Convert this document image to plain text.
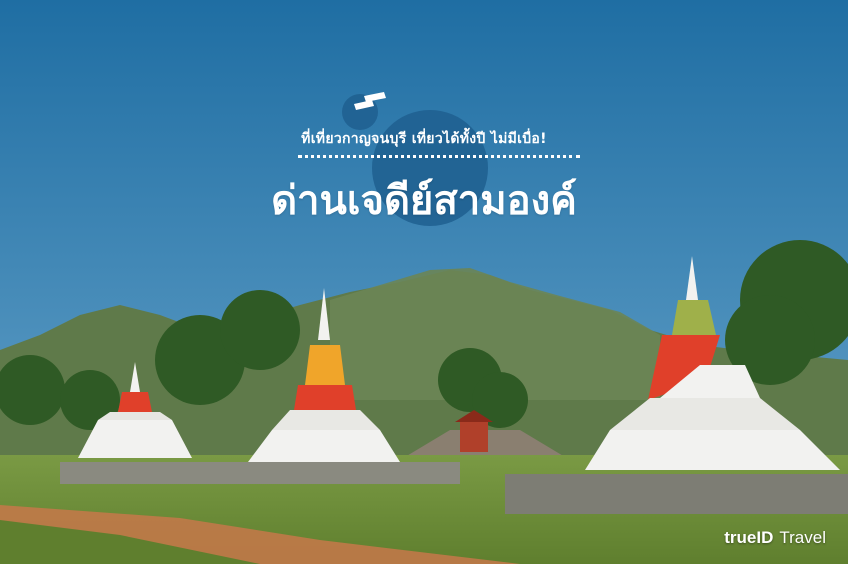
ที่เที่ยวกาญจนบุรี เที่ยวได้ทั้งปี ไม่มีเบื่อ!
ด่านเจดีย์สามองค์
trueID Travel
